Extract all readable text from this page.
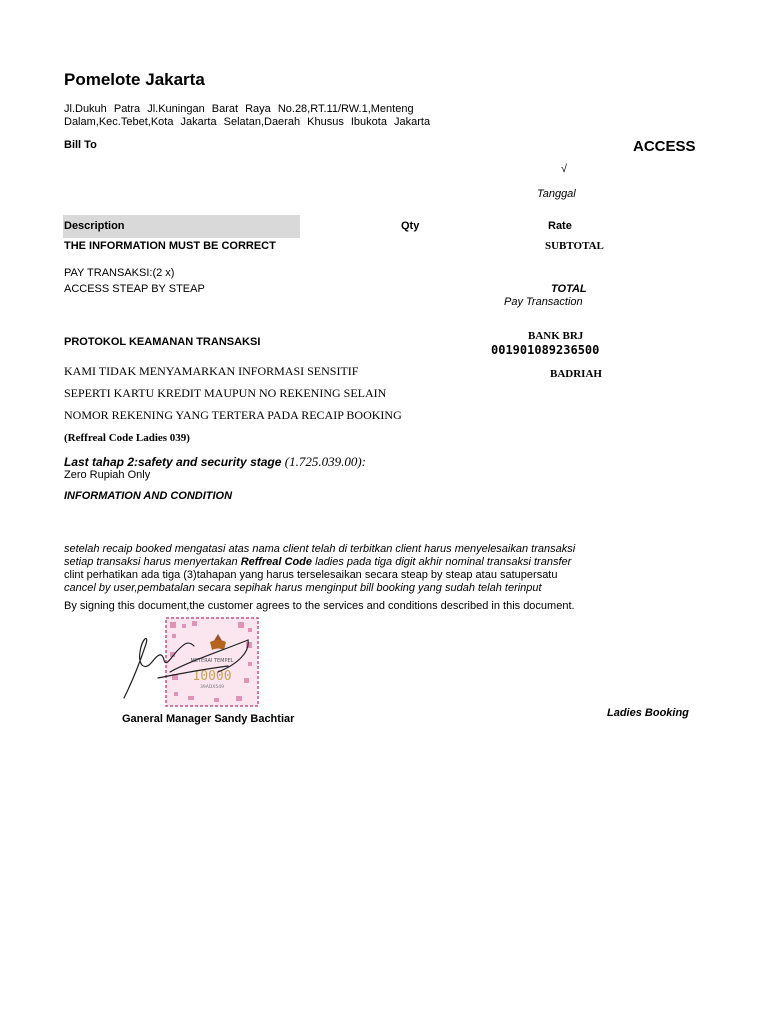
Pomelote Jakarta
Jl.Dukuh Patra Jl.Kuningan Barat Raya No.28,RT.11/RW.1,Menteng
Dalam,Kec.Tebet,Kota Jakarta Selatan,Daerah Khusus Ibukota Jakarta
Bill To	ACCESS
√
Tanggal
Description	Qty	Rate
THE INFORMATION MUST BE CORRECT	SUBTOTAL
PAY TRANSAKSI:(2 x)
ACCESS STEAP BY STEAP	TOTAL
Pay Transaction
PROTOKOL KEAMANAN TRANSAKSI	BANK BRJ
001901089236500
BADRIAH
KAMI TIDAK MENYAMARKAN INFORMASI SENSITIF
SEPERTI KARTU KREDIT MAUPUN NO REKENING SELAIN
NOMOR REKENING YANG TERTERA PADA RECAIP BOOKING
(Reffreal Code Ladies 039)
Last tahap 2:safety and security stage (1.725.039.00):
Zero Rupiah Only
INFORMATION AND CONDITION
setelah recaip booked mengatasi atas nama client telah di terbitkan client harus menyelesaikan transaksi
setiap transaksi harus menyertakan Reffreal Code ladies pada tiga digit akhir nominal transaksi transfer
clint perhatikan ada tiga (3)tahapan yang harus terselesaikan secara steap by steap atau satupersatu
cancel by user,pembatalan secara sepihak harus menginput bill booking yang sudah telah terinput
By signing this document,the customer agrees to the services and conditions described in this document.
METERAI TEMPEL
10000
39ADX549
Ganeral Manager Sandy Bachtiar	Ladies Booking
